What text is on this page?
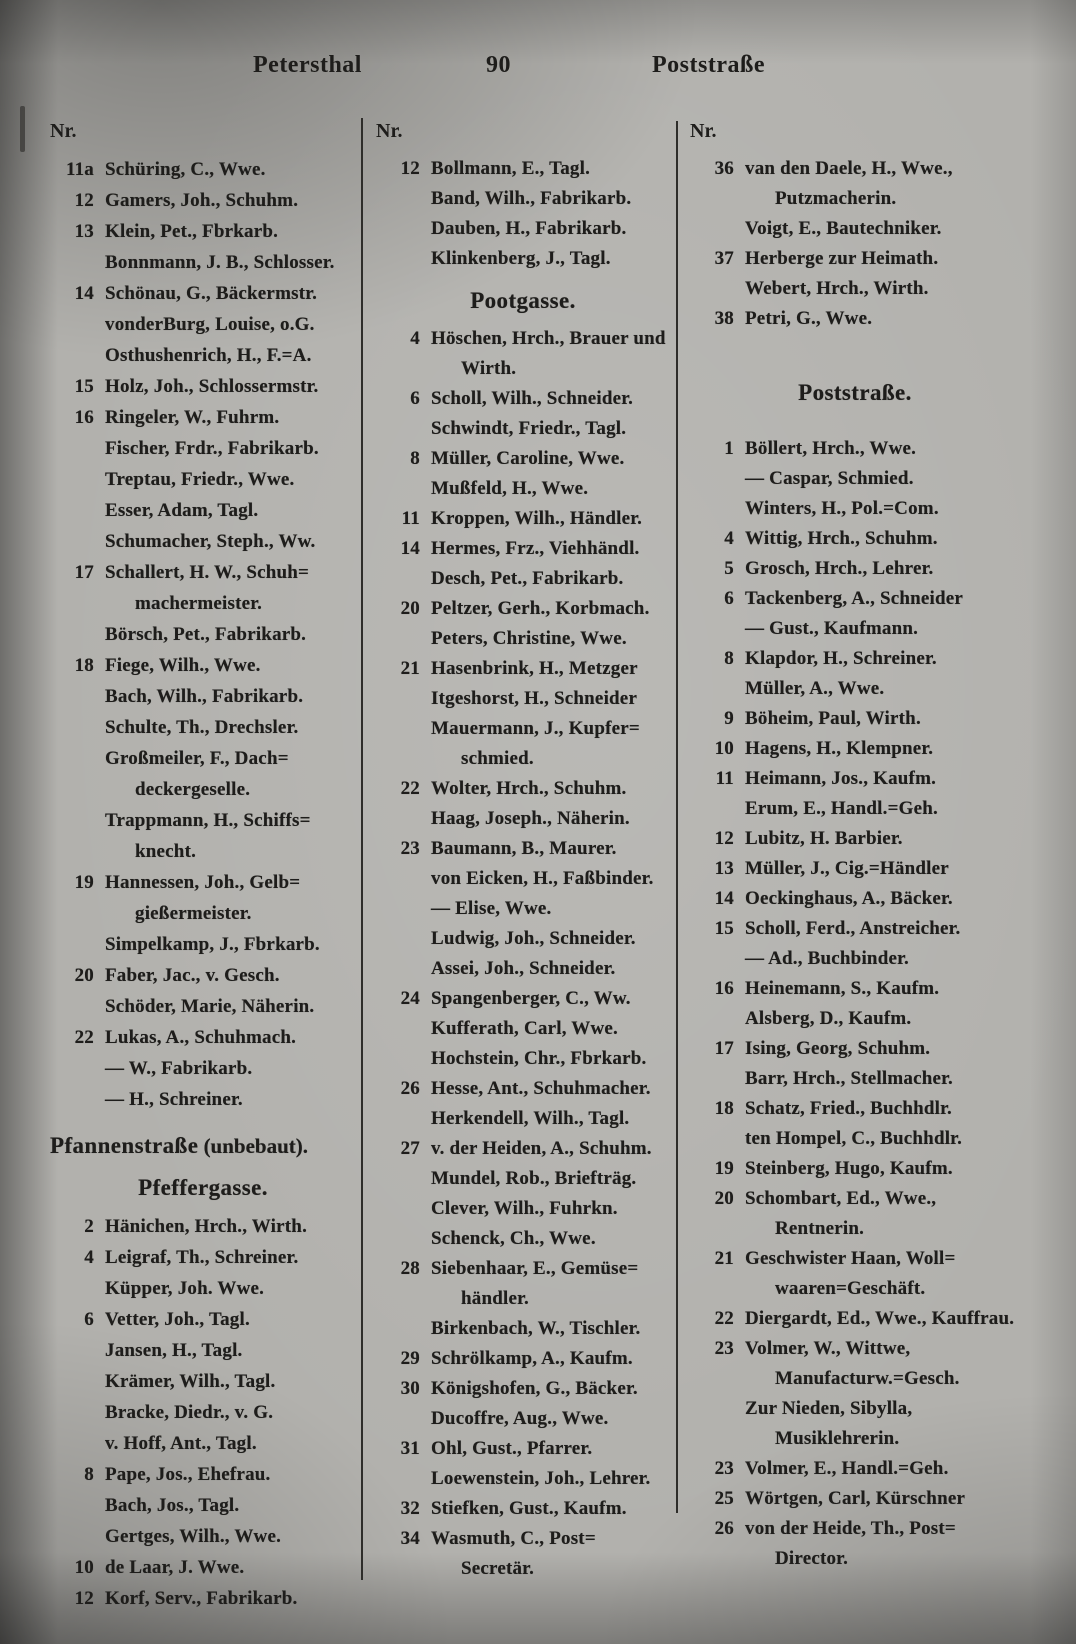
Petersthal	90	Poststraße
Nr.
11a Schüring, C., Wwe.
12 Gamers, Joh., Schuhm.
13 Klein, Pet., Fbrkarb.
Bonnmann, J. B., Schlosser.
14 Schönau, G., Bäckermstr.
vonderBurg, Louise, o.G.
Osthushenrich, H., F.=A.
15 Holz, Joh., Schlossermstr.
16 Ringeler, W., Fuhrm.
Fischer, Frdr., Fabrikarb.
Treptau, Friedr., Wwe.
Esser, Adam, Tagl.
Schumacher, Steph., Ww.
17 Schallert, H. W., Schuh= machermeister.
Börsch, Pet., Fabrikarb.
18 Fiege, Wilh., Wwe.
Bach, Wilh., Fabrikarb.
Schulte, Th., Drechsler.
Großmeiler, F., Dach= deckergeselle.
Trappmann, H., Schiffs= knecht.
19 Hannessen, Joh., Gelb= gießermeister.
Simpelkamp, J., Fbrkarb.
20 Faber, Jac., v. Gesch.
Schöder, Marie, Näherin.
22 Lukas, A., Schuhmach.
— W., Fabrikarb.
— H., Schreiner.
Pfannenstraße (unbebaut).
Pfeffergasse.
2 Hänichen, Hrch., Wirth.
4 Leigraf, Th., Schreiner.
Küpper, Joh. Wwe.
6 Vetter, Joh., Tagl.
Jansen, H., Tagl.
Krämer, Wilh., Tagl.
Bracke, Diedr., v. G.
v. Hoff, Ant., Tagl.
8 Pape, Jos., Ehefrau.
Bach, Jos., Tagl.
Gertges, Wilh., Wwe.
10 de Laar, J. Wwe.
12 Korf, Serv., Fabrikarb.
Nr.
12 Bollmann, E., Tagl.
Band, Wilh., Fabrikarb.
Dauben, H., Fabrikarb.
Klinkenberg, J., Tagl.
Pootgasse.
4 Höschen, Hrch., Brauer und Wirth.
6 Scholl, Wilh., Schneider.
Schwindt, Friedr., Tagl.
8 Müller, Caroline, Wwe.
Mußfeld, H., Wwe.
11 Kroppen, Wilh., Händler.
14 Hermes, Frz., Viehhändl.
Desch, Pet., Fabrikarb.
20 Peltzer, Gerh., Korbmach.
Peters, Christine, Wwe.
21 Hasenbrink, H., Metzger
Itgeshorst, H., Schneider
Mauermann, J., Kupfer= schmied.
22 Wolter, Hrch., Schuhm.
Haag, Joseph., Näherin.
23 Baumann, B., Maurer.
von Eicken, H., Faßbinder.
— Elise, Wwe.
Ludwig, Joh., Schneider.
Assei, Joh., Schneider.
24 Spangenberger, C., Ww.
Kufferath, Carl, Wwe.
Hochstein, Chr., Fbrkarb.
26 Hesse, Ant., Schuhmacher.
Herkendell, Wilh., Tagl.
27 v. der Heiden, A., Schuhm.
Mundel, Rob., Briefträg.
Clever, Wilh., Fuhrkn.
Schenck, Ch., Wwe.
28 Siebenhaar, E., Gemüse= händler.
Birkenbach, W., Tischler.
29 Schrölkamp, A., Kaufm.
30 Königshofen, G., Bäcker.
Ducoffre, Aug., Wwe.
31 Ohl, Gust., Pfarrer.
Loewenstein, Joh., Lehrer.
32 Stiefken, Gust., Kaufm.
34 Wasmuth, C., Post= Secretär.
Nr.
36 van den Daele, H., Wwe., Putzmacherin.
Voigt, E., Bautechniker.
37 Herberge zur Heimath.
Webert, Hrch., Wirth.
38 Petri, G., Wwe.
Poststraße.
1 Böllert, Hrch., Wwe.
— Caspar, Schmied.
Winters, H., Pol.=Com.
4 Wittig, Hrch., Schuhm.
5 Grosch, Hrch., Lehrer.
6 Tackenberg, A., Schneider
— Gust., Kaufmann.
8 Klapdor, H., Schreiner.
Müller, A., Wwe.
9 Böheim, Paul, Wirth.
10 Hagens, H., Klempner.
11 Heimann, Jos., Kaufm.
Erum, E., Handl.=Geh.
12 Lubitz, H. Barbier.
13 Müller, J., Cig.=Händler
14 Oeckinghaus, A., Bäcker.
15 Scholl, Ferd., Anstreicher.
— Ad., Buchbinder.
16 Heinemann, S., Kaufm.
Alsberg, D., Kaufm.
17 Ising, Georg, Schuhm.
Barr, Hrch., Stellmacher.
18 Schatz, Fried., Buchhdlr.
ten Hompel, C., Buchhdlr.
19 Steinberg, Hugo, Kaufm.
20 Schombart, Ed., Wwe., Rentnerin.
21 Geschwister Haan, Woll= waaren=Geschäft.
22 Diergardt, Ed., Wwe., Kauffrau.
23 Volmer, W., Wittwe, Manufacturw.=Gesch.
Zur Nieden, Sibylla, Musiklehrerin.
23 Volmer, E., Handl.=Geh.
25 Wörtgen, Carl, Kürschner
26 von der Heide, Th., Post= Director.
